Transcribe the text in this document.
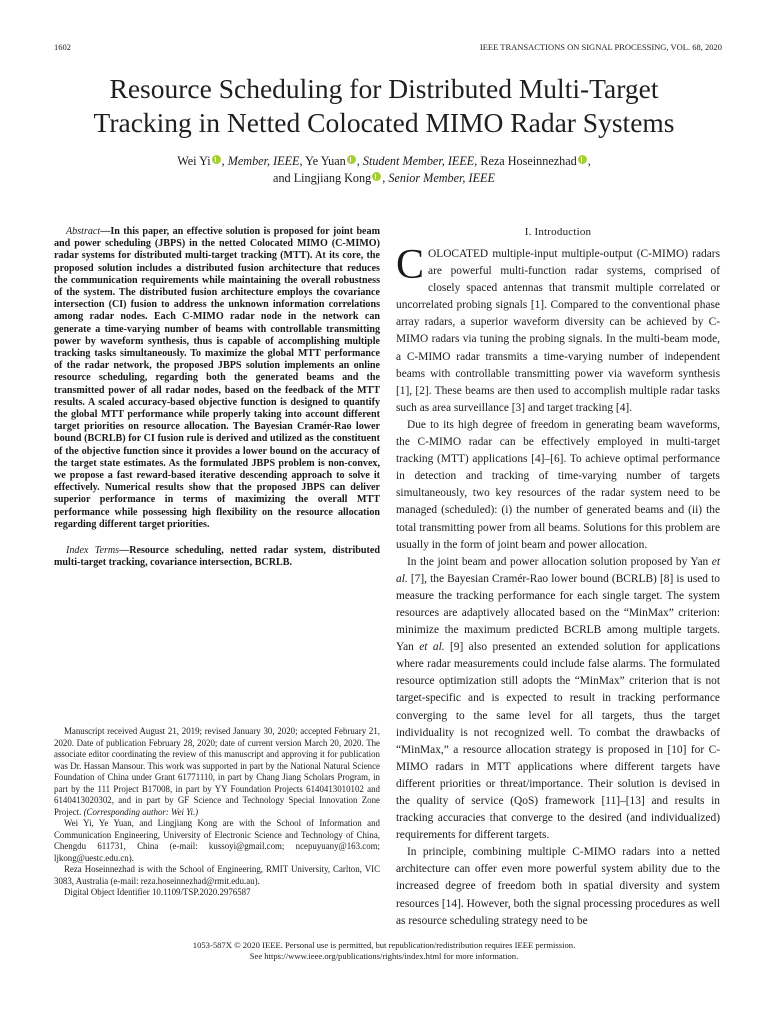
1602	IEEE TRANSACTIONS ON SIGNAL PROCESSING, VOL. 68, 2020
Resource Scheduling for Distributed Multi-Target
Tracking in Netted Colocated MIMO Radar Systems
Wei Yi , Member, IEEE, Ye Yuan , Student Member, IEEE, Reza Hoseinnezhad ,
and Lingjiang Kong , Senior Member, IEEE

Abstract—In this paper, an effective solution is proposed for joint beam and power scheduling (JBPS) in the netted Colocated MIMO (C-MIMO) radar systems for distributed multi-target tracking (MTT). At its core, the proposed solution includes a distributed fusion architecture that reduces the communication requirements while maintaining the overall robustness of the system. The distributed fusion architecture employs the covariance intersection (CI) fusion to address the unknown information correlations among radar nodes. Each C-MIMO radar node in the network can generate a time-varying number of beams with controllable transmitting power by waveform synthesis, thus is capable of accomplishing multiple tracking tasks simultaneously. To maximize the global MTT performance of the radar network, the proposed JBPS solution implements an online resource scheduling, regarding both the generated beams and the transmitted power of all radar nodes, based on the feedback of the MTT results. A scaled accuracy-based objective function is designed to quantify the global MTT performance while properly taking into account different target priorities on resource allocation. The Bayesian Cramér-Rao lower bound (BCRLB) for CI fusion rule is derived and utilized as the constituent of the objective function since it provides a lower bound on the accuracy of the target state estimates. As the formulated JBPS problem is non-convex, we propose a fast reward-based iterative descending approach to solve it effectively. Numerical results show that the proposed JBPS can deliver superior performance in terms of maximizing the overall MTT performance while possessing high flexibility on the resource allocation regarding different target priorities.

Index Terms—Resource scheduling, netted radar system, distributed multi-target tracking, covariance intersection, BCRLB.

Manuscript received August 21, 2019; revised January 30, 2020; accepted February 21, 2020. Date of publication February 28, 2020; date of current version March 20, 2020. The associate editor coordinating the review of this manuscript and approving it for publication was Dr. Hassan Mansour. This work was supported in part by the National Natural Science Foundation of China under Grant 61771110, in part by Chang Jiang Scholars Program, in part by the 111 Project B17008, in part by YY Foundation Projects 6140413010102 and 6140413020302, and in part by GF Science and Technology Special Innovation Zone Project. (Corresponding author: Wei Yi.)

Wei Yi, Ye Yuan, and Lingjiang Kong are with the School of Information and Communication Engineering, University of Electronic Science and Technology of China, Chengdu 611731, China (e-mail: kussoyi@gmail.com; ncepuyuany@163.com; ljkong@uestc.edu.cn).

Reza Hoseinnezhad is with the School of Engineering, RMIT University, Carlton, VIC 3083, Australia (e-mail: reza.hoseinnezhad@rmit.edu.au).

Digital Object Identifier 10.1109/TSP.2020.2976587

I. Introduction

COLOCATED multiple-input multiple-output (C-MIMO) radars are powerful multi-function radar systems, comprised of closely spaced antennas that transmit multiple correlated or uncorrelated probing signals [1]. Compared to the conventional phase array radars, a superior waveform diversity can be achieved by C-MIMO radars via tuning the probing signals. In the multi-beam mode, a C-MIMO radar transmits a time-varying number of independent beams with controllable transmitting power via waveform synthesis [1], [2]. These beams are then used to accomplish multiple radar tasks such as area surveillance [3] and target tracking [4].

Due to its high degree of freedom in generating beam waveforms, the C-MIMO radar can be effectively employed in multi-target tracking (MTT) applications [4]–[6]. To achieve optimal performance in detection and tracking of time-varying number of targets simultaneously, two key resources of the radar system need to be managed (scheduled): (i) the number of generated beams and (ii) the total transmitting power from all beams. Solutions for this problem are usually in the form of joint beam and power allocation.

In the joint beam and power allocation solution proposed by Yan et al. [7], the Bayesian Cramér-Rao lower bound (BCRLB) [8] is used to measure the tracking performance for each single target. The system resources are adaptively allocated based on the “MinMax” criterion: minimize the maximum predicted BCRLB among multiple targets. Yan et al. [9] also presented an extended solution for applications where radar measurements could include false alarms. The formulated resource optimization still adopts the “MinMax” criterion that is not target-specific and is expected to result in tracking performance converging to the same level for all targets, thus the target individuality is not recognized well. To combat the drawbacks of “MinMax,” a resource allocation strategy is proposed in [10] for C-MIMO radars in MTT applications where different targets have different priorities or threat/importance. Their solution is devised in the quality of service (QoS) framework [11]–[13] and results in tracking accuracies that converge to the desired (and individualized) requirements for different targets.

In principle, combining multiple C-MIMO radars into a netted architecture can offer even more powerful system ability due to the increased degree of freedom both in spatial diversity and system resources [14]. However, both the signal processing procedures as well as resource scheduling strategy need to be

1053-587X © 2020 IEEE. Personal use is permitted, but republication/redistribution requires IEEE permission.
See https://www.ieee.org/publications/rights/index.html for more information.
